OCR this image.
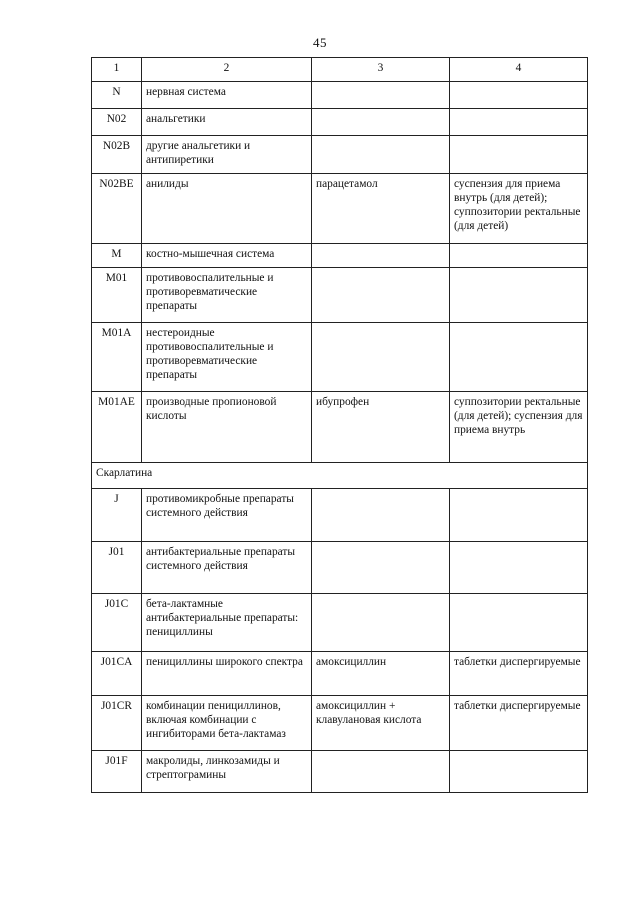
45
1	2	3	4
N	нервная система		
N02	анальгетики		
N02B	другие анальгетики и антипиретики		
N02BE	анилиды	парацетамол	суспензия для приема внутрь (для детей); суппозитории ректальные (для детей)
M	костно-мышечная система		
M01	противовоспалительные и противоревматические препараты		
M01A	нестероидные противовоспалительные и противоревматические препараты		
M01AE	производные пропионовой кислоты	ибупрофен	суппозитории ректальные (для детей); суспензия для приема внутрь
Скарлатина			
J	противомикробные препараты системного действия		
J01	антибактериальные препараты системного действия		
J01C	бета-лактамные антибактериальные препараты: пенициллины		
J01CA	пенициллины широкого спектра	амоксициллин	таблетки диспергируемые
J01CR	комбинации пенициллинов, включая комбинации с ингибиторами бета-лактамаз	амоксициллин + клавулановая кислота	таблетки диспергируемые
J01F	макролиды, линкозамиды и стрептограмины		
